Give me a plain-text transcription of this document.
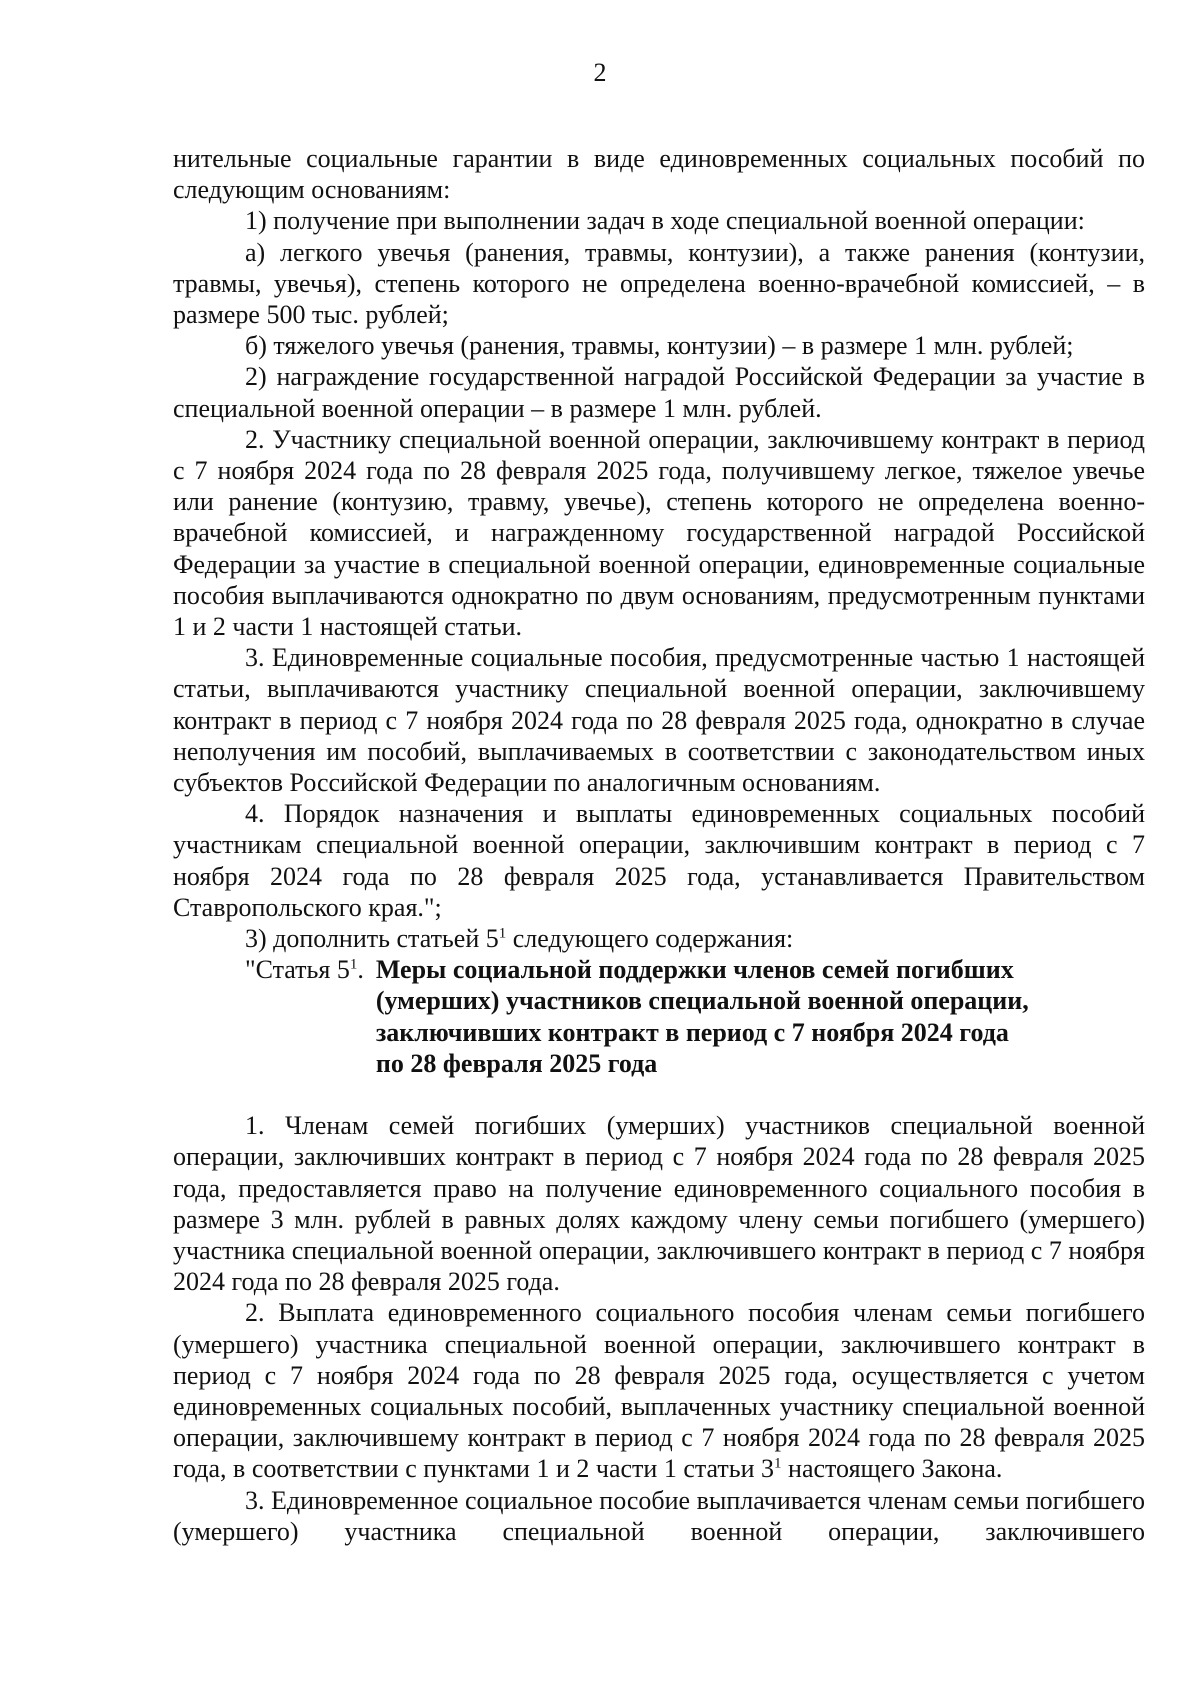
2

нительные социальные гарантии в виде единовременных социальных пособий по следующим основаниям:

1) получение при выполнении задач в ходе специальной военной операции:

а) легкого увечья (ранения, травмы, контузии), а также ранения (контузии, травмы, увечья), степень которого не определена военно-врачебной комиссией, – в размере 500 тыс. рублей;

б) тяжелого увечья (ранения, травмы, контузии) – в размере 1 млн. рублей;

2) награждение государственной наградой Российской Федерации за участие в специальной военной операции – в размере 1 млн. рублей.

2. Участнику специальной военной операции, заключившему контракт в период с 7 ноября 2024 года по 28 февраля 2025 года, получившему легкое, тяжелое увечье или ранение (контузию, травму, увечье), степень которого не определена военно-врачебной комиссией, и награжденному государственной наградой Российской Федерации за участие в специальной военной операции, единовременные социальные пособия выплачиваются однократно по двум основаниям, предусмотренным пунктами 1 и 2 части 1 настоящей статьи.

3. Единовременные социальные пособия, предусмотренные частью 1 настоящей статьи, выплачиваются участнику специальной военной операции, заключившему контракт в период с 7 ноября 2024 года по 28 февраля 2025 года, однократно в случае неполучения им пособий, выплачиваемых в соответствии с законодательством иных субъектов Российской Федерации по аналогичным основаниям.

4. Порядок назначения и выплаты единовременных социальных пособий участникам специальной военной операции, заключившим контракт в период с 7 ноября 2024 года по 28 февраля 2025 года, устанавливается Правительством Ставропольского края.";

3) дополнить статьей $5^1$ следующего содержания:

"Статья $5^1$. Меры социальной поддержки членов семей погибших
(умерших) участников специальной военной операции,
заключивших контракт в период с 7 ноября 2024 года
по 28 февраля 2025 года

1. Членам семей погибших (умерших) участников специальной военной операции, заключивших контракт в период с 7 ноября 2024 года по 28 февраля 2025 года, предоставляется право на получение единовременного социального пособия в размере 3 млн. рублей в равных долях каждому члену семьи погибшего (умершего) участника специальной военной операции, заключившего контракт в период с 7 ноября 2024 года по 28 февраля 2025 года.

2. Выплата единовременного социального пособия членам семьи погибшего (умершего) участника специальной военной операции, заключившего контракт в период с 7 ноября 2024 года по 28 февраля 2025 года, осуществляется с учетом единовременных социальных пособий, выплаченных участнику специальной военной операции, заключившему контракт в период с 7 ноября 2024 года по 28 февраля 2025 года, в соответствии с пунктами 1 и 2 части 1 статьи $3^1$ настоящего Закона.

3. Единовременное социальное пособие выплачивается членам семьи погибшего (умершего) участника специальной военной операции, заключившего
